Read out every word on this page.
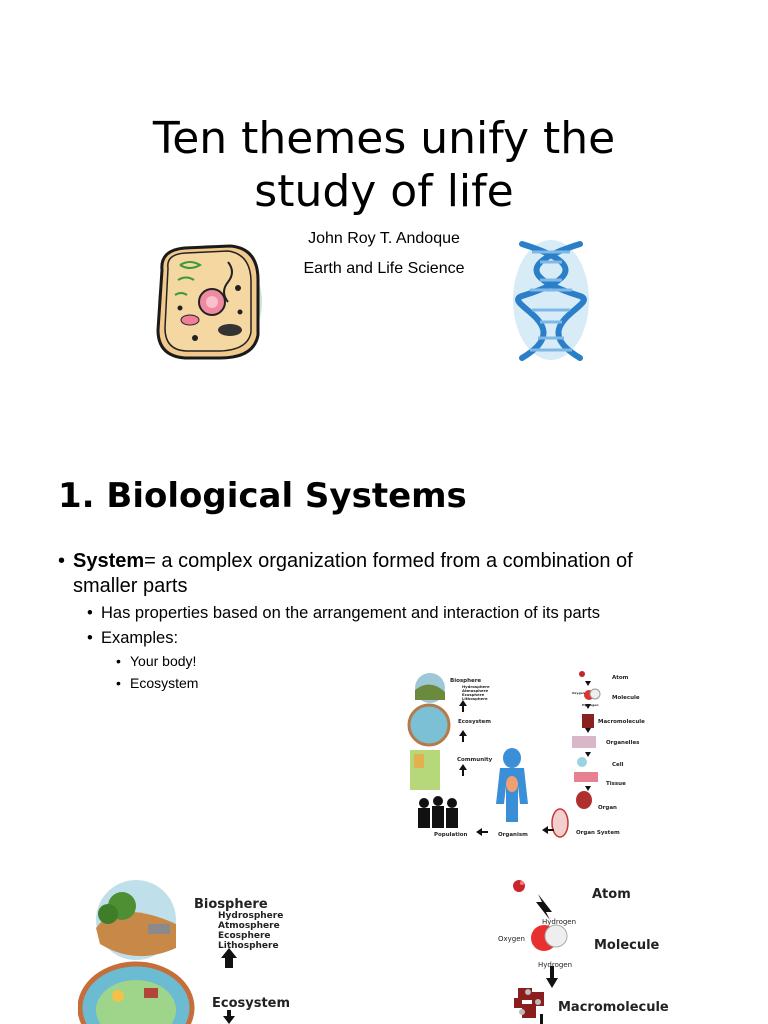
Ten themes unify the
study of life
John Roy T. Andoque
Earth and Life Science
1. Biological Systems
• System= a complex organization formed from a combination of smaller parts
• Has properties based on the arrangement and interaction of its parts
• Examples:
• Your body!
• Ecosystem	Biosphere
Hydrosphere
Atmosphere
Ecosphere
Lithosphere
Ecosystem
Community
Population	Organism	Organ System
Organ
Tissue
Cell
Organelles
Macromolecule
Molecule
Atom
Oxygen
Hydrogen
Biosphere
Hydrosphere
Atmosphere
Ecosphere
Lithosphere
Ecosystem
Atom
Hydrogen
Oxygen
Hydrogen
Molecule
Macromolecule
